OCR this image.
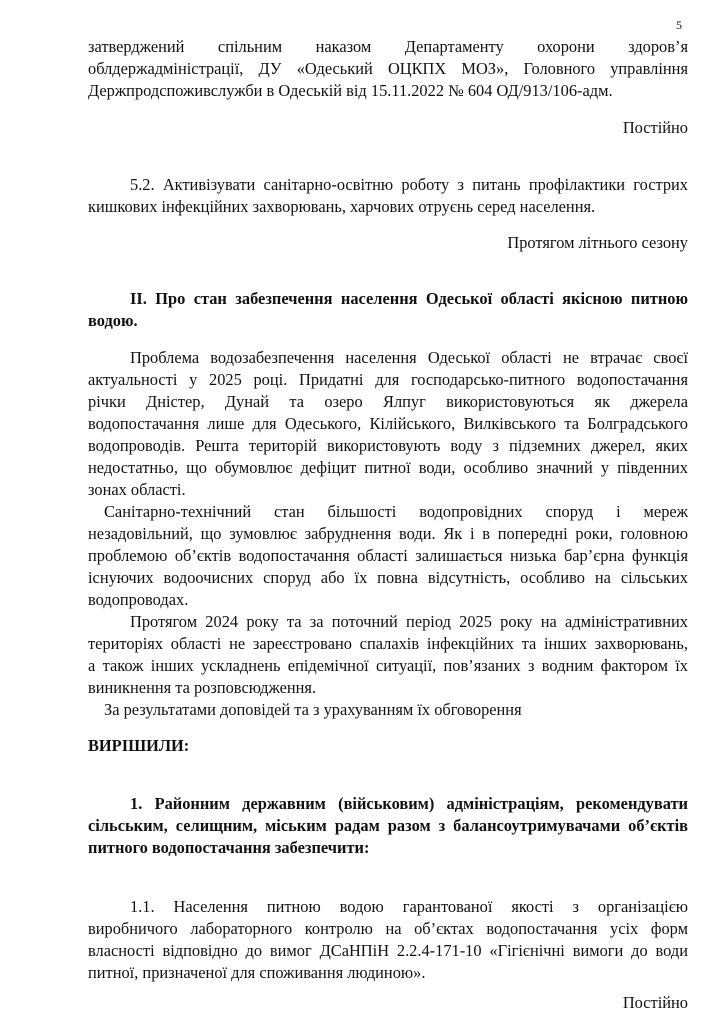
5
затверджений спільним наказом Департаменту охорони здоров’я
облдержадміністрації, ДУ «Одеський ОЦКПХ МОЗ», Головного управління
Держпродспоживслужби в Одеській від 15.11.2022 № 604 ОД/913/106-адм.
Постійно
5.2. Активізувати санітарно-освітню роботу з питань профілактики гострих
кишкових інфекційних захворювань, харчових отруєнь серед населення.
Протягом літнього сезону
ІІ. Про стан забезпечення населення Одеської області якісною питною
водою.
Проблема водозабезпечення населення Одеської області не втрачає своєї
актуальності у 2025 році. Придатні для господарсько-питного водопостачання
річки Дністер, Дунай та озеро Ялпуг використовуються як джерела
водопостачання лише для Одеського, Кілійського, Вилківського та Болградського
водопроводів. Решта територій використовують воду з підземних джерел, яких
недостатньо, що обумовлює дефіцит питної води, особливо значний у південних
зонах області.
Санітарно-технічний стан більшості водопровідних споруд і мереж
незадовільний, що зумовлює забруднення води. Як і в попередні роки, головною
проблемою об’єктів водопостачання області залишається низька бар’єрна функція
існуючих водоочисних споруд або їх повна відсутність, особливо на сільських
водопроводах.
Протягом 2024 року та за поточний період 2025 року на адміністративних
територіях області не зареєстровано спалахів інфекційних та інших захворювань,
а також інших ускладнень епідемічної ситуації, пов’язаних з водним фактором їх
виникнення та розповсюдження.
За результатами доповідей та з урахуванням їх обговорення
ВИРІШИЛИ:
1. Районним державним (військовим) адміністраціям, рекомендувати
сільським, селищним, міським радам разом з балансоутримувачами об’єктів
питного водопостачання забезпечити:
1.1. Населення питною водою гарантованої якості з організацією
виробничого лабораторного контролю на об’єктах водопостачання усіх форм
власності відповідно до вимог ДСаНПіН 2.2.4-171-10 «Гігієнічні вимоги до води
питної, призначеної для споживання людиною».
Постійно
